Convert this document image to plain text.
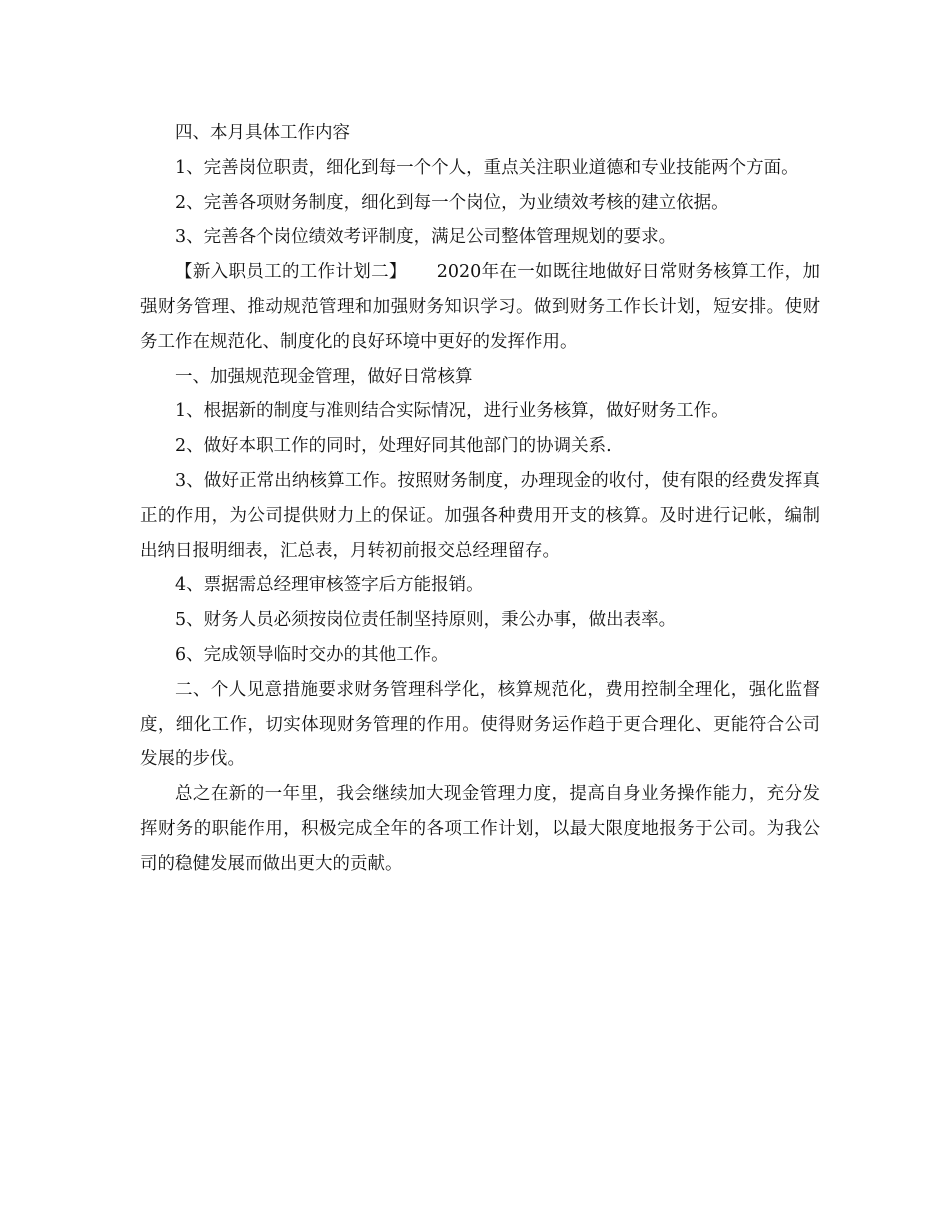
四、本月具体工作内容

1、完善岗位职责，细化到每一个个人，重点关注职业道德和专业技能两个方面。

2、完善各项财务制度，细化到每一个岗位，为业绩效考核的建立依据。

3、完善各个岗位绩效考评制度，满足公司整体管理规划的要求。

【新入职员工的工作计划二】 2020年在一如既往地做好日常财务核算工作，加强财务管理、推动规范管理和加强财务知识学习。做到财务工作长计划，短安排。使财务工作在规范化、制度化的良好环境中更好的发挥作用。

一、加强规范现金管理，做好日常核算

1、根据新的制度与准则结合实际情况，进行业务核算，做好财务工作。

2、做好本职工作的同时，处理好同其他部门的协调关系.

3、做好正常出纳核算工作。按照财务制度，办理现金的收付，使有限的经费发挥真正的作用，为公司提供财力上的保证。加强各种费用开支的核算。及时进行记帐，编制出纳日报明细表，汇总表，月转初前报交总经理留存。

4、票据需总经理审核签字后方能报销。

5、财务人员必须按岗位责任制坚持原则，秉公办事，做出表率。

6、完成领导临时交办的其他工作。

二、个人见意措施要求财务管理科学化，核算规范化，费用控制全理化，强化监督度，细化工作，切实体现财务管理的作用。使得财务运作趋于更合理化、更能符合公司发展的步伐。

总之在新的一年里，我会继续加大现金管理力度，提高自身业务操作能力，充分发挥财务的职能作用，积极完成全年的各项工作计划，以最大限度地报务于公司。为我公司的稳健发展而做出更大的贡献。
